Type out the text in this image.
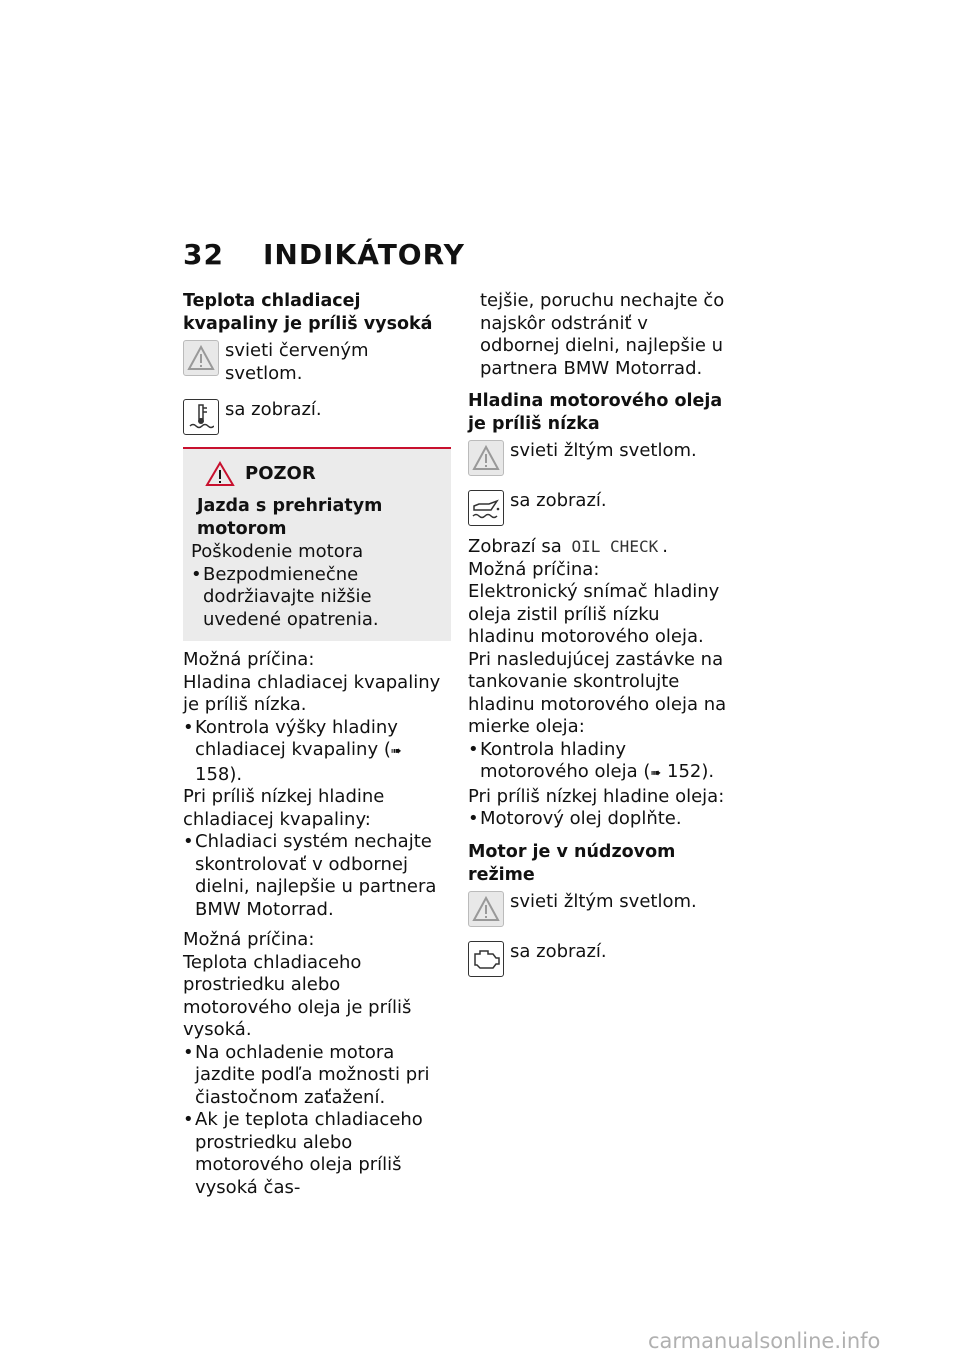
32 INDIKÁTORY
Teplota chladiacej kvapaliny je príliš vysoká
svieti červeným svetlom.
sa zobrazí.
POZOR
Jazda s prehriatym motorom
Poškodenie motora
• Bezpodmienečne dodržiavajte nižšie uvedené opatrenia.
Možná príčina:
Hladina chladiacej kvapaliny je príliš nízka.
• Kontrola výšky hladiny chladiacej kvapaliny (➠ 158).
Pri príliš nízkej hladine chladiacej kvapaliny:
• Chladiaci systém nechajte skontrolovať v odbornej dielni, najlepšie u partnera BMW Motorrad.
Možná príčina:
Teplota chladiaceho prostriedku alebo motorového oleja je príliš vysoká.
• Na ochladenie motora jazdite podľa možnosti pri čiastočnom zaťažení.
• Ak je teplota chladiaceho prostriedku alebo motorového oleja príliš vysoká čas-
tejšie, poruchu nechajte čo najskôr odstrániť v odbornej dielni, najlepšie u partnera BMW Motorrad.
Hladina motorového oleja je príliš nízka
svieti žltým svetlom.
sa zobrazí.
Zobrazí sa OIL CHECK .
Možná príčina:
Elektronický snímač hladiny oleja zistil príliš nízku hladinu motorového oleja. Pri nasledujúcej zastávke na tankovanie skontrolujte hladinu motorového oleja na mierke oleja:
• Kontrola hladiny motorového oleja (➠ 152).
Pri príliš nízkej hladine oleja:
• Motorový olej doplňte.
Motor je v núdzovom režime
svieti žltým svetlom.
sa zobrazí.
carmanualsonline.info
